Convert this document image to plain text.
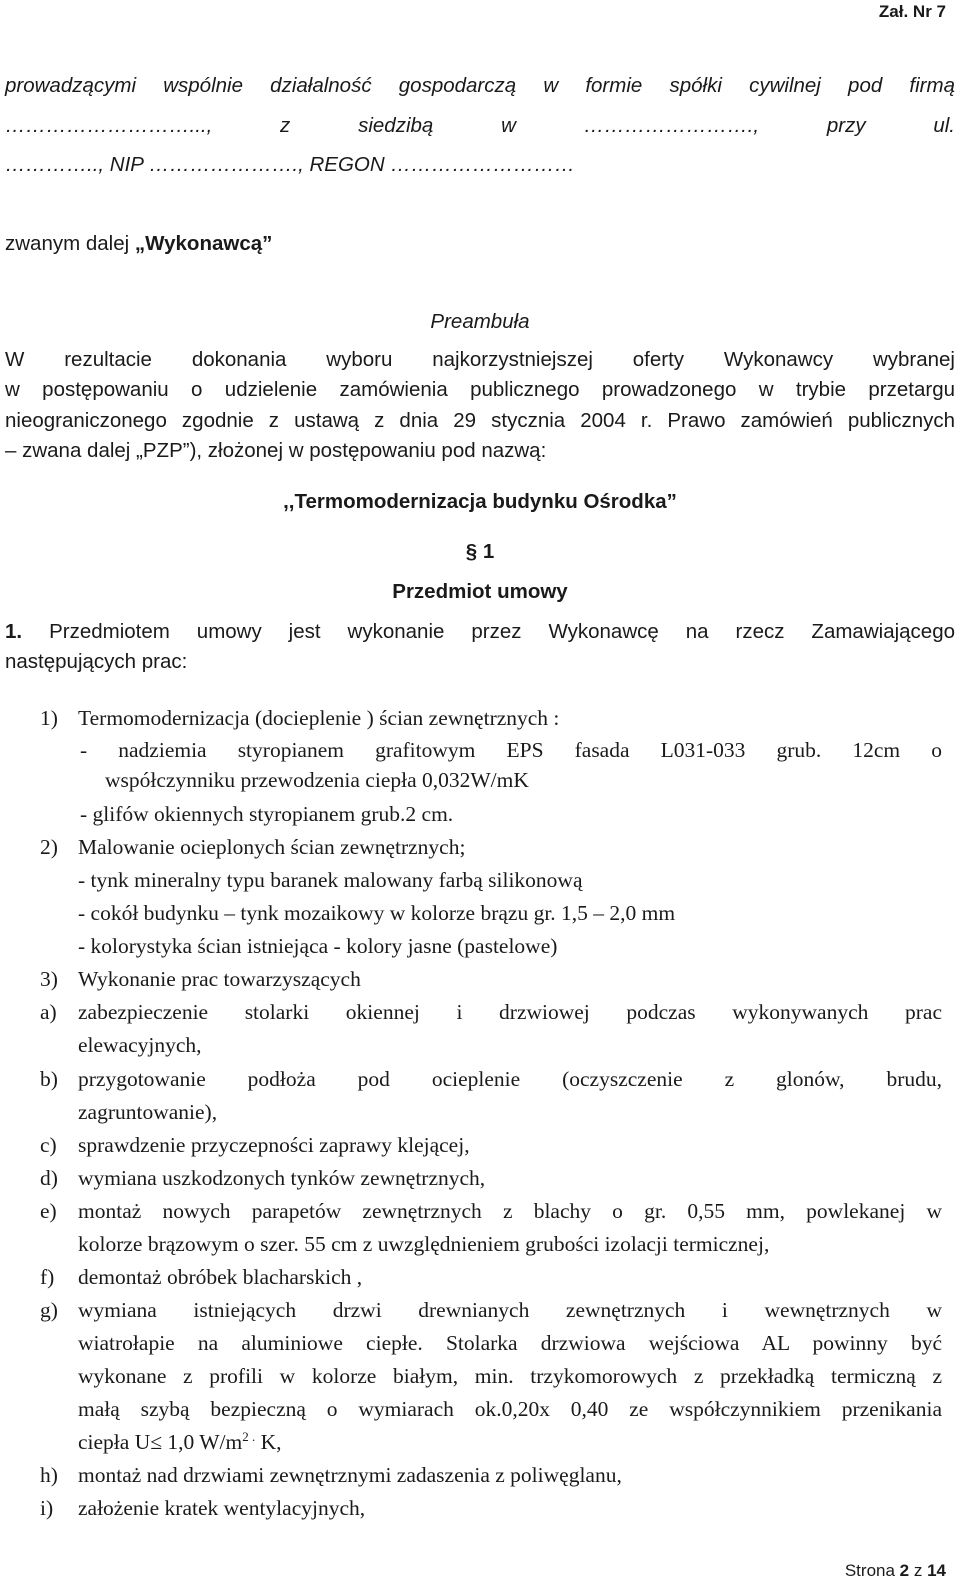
Zał. Nr 7
prowadzącymi wspólnie działalność gospodarczą w formie spółki cywilnej pod firmą
………………………..., z siedzibą w ……………………., przy ul.
………….., NIP …………………., REGON ………………………
zwanym dalej „Wykonawcą”
Preambuła
W rezultacie dokonania wyboru najkorzystniejszej oferty Wykonawcy wybranej
w postępowaniu o udzielenie zamówienia publicznego prowadzonego w trybie przetargu
nieograniczonego zgodnie z ustawą z dnia 29 stycznia 2004 r. Prawo zamówień publicznych
– zwana dalej „PZP”), złożonej w postępowaniu pod nazwą:
,,Termomodernizacja budynku Ośrodka”
§ 1
Przedmiot umowy
1. Przedmiotem umowy jest wykonanie przez Wykonawcę na rzecz Zamawiającego
następujących prac:
1) Termomodernizacja (docieplenie ) ścian zewnętrznych :
- nadziemia styropianem grafitowym EPS fasada L031-033 grub. 12cm o
współczynniku przewodzenia ciepła 0,032W/mK
- glifów okiennych styropianem grub.2 cm.
2) Malowanie ocieplonych ścian zewnętrznych;
- tynk mineralny typu baranek malowany farbą silikonową
- cokół budynku – tynk mozaikowy w kolorze brązu gr. 1,5 – 2,0 mm
- kolorystyka ścian istniejąca - kolory jasne (pastelowe)
3) Wykonanie prac towarzyszących
a) zabezpieczenie stolarki okiennej i drzwiowej podczas wykonywanych prac
elewacyjnych,
b) przygotowanie podłoża pod ocieplenie (oczyszczenie z glonów, brudu,
zagruntowanie),
c) sprawdzenie przyczepności zaprawy klejącej,
d) wymiana uszkodzonych tynków zewnętrznych,
e) montaż nowych parapetów zewnętrznych z blachy o gr. 0,55 mm, powlekanej w
kolorze brązowym o szer. 55 cm z uwzględnieniem grubości izolacji termicznej,
f) demontaż obróbek blacharskich ,
g) wymiana istniejących drzwi drewnianych zewnętrznych i wewnętrznych w
wiatrołapie na aluminiowe ciepłe. Stolarka drzwiowa wejściowa AL powinny być
wykonane z profili w kolorze białym, min. trzykomorowych z przekładką termiczną z
małą szybą bezpieczną o wymiarach ok.0,20x 0,40 ze współczynnikiem przenikania
ciepła U≤ 1,0 $W/m^{2 .}$ K,
h) montaż nad drzwiami zewnętrznymi zadaszenia z poliwęglanu,
i) założenie kratek wentylacyjnych,
Strona 2 z 14
